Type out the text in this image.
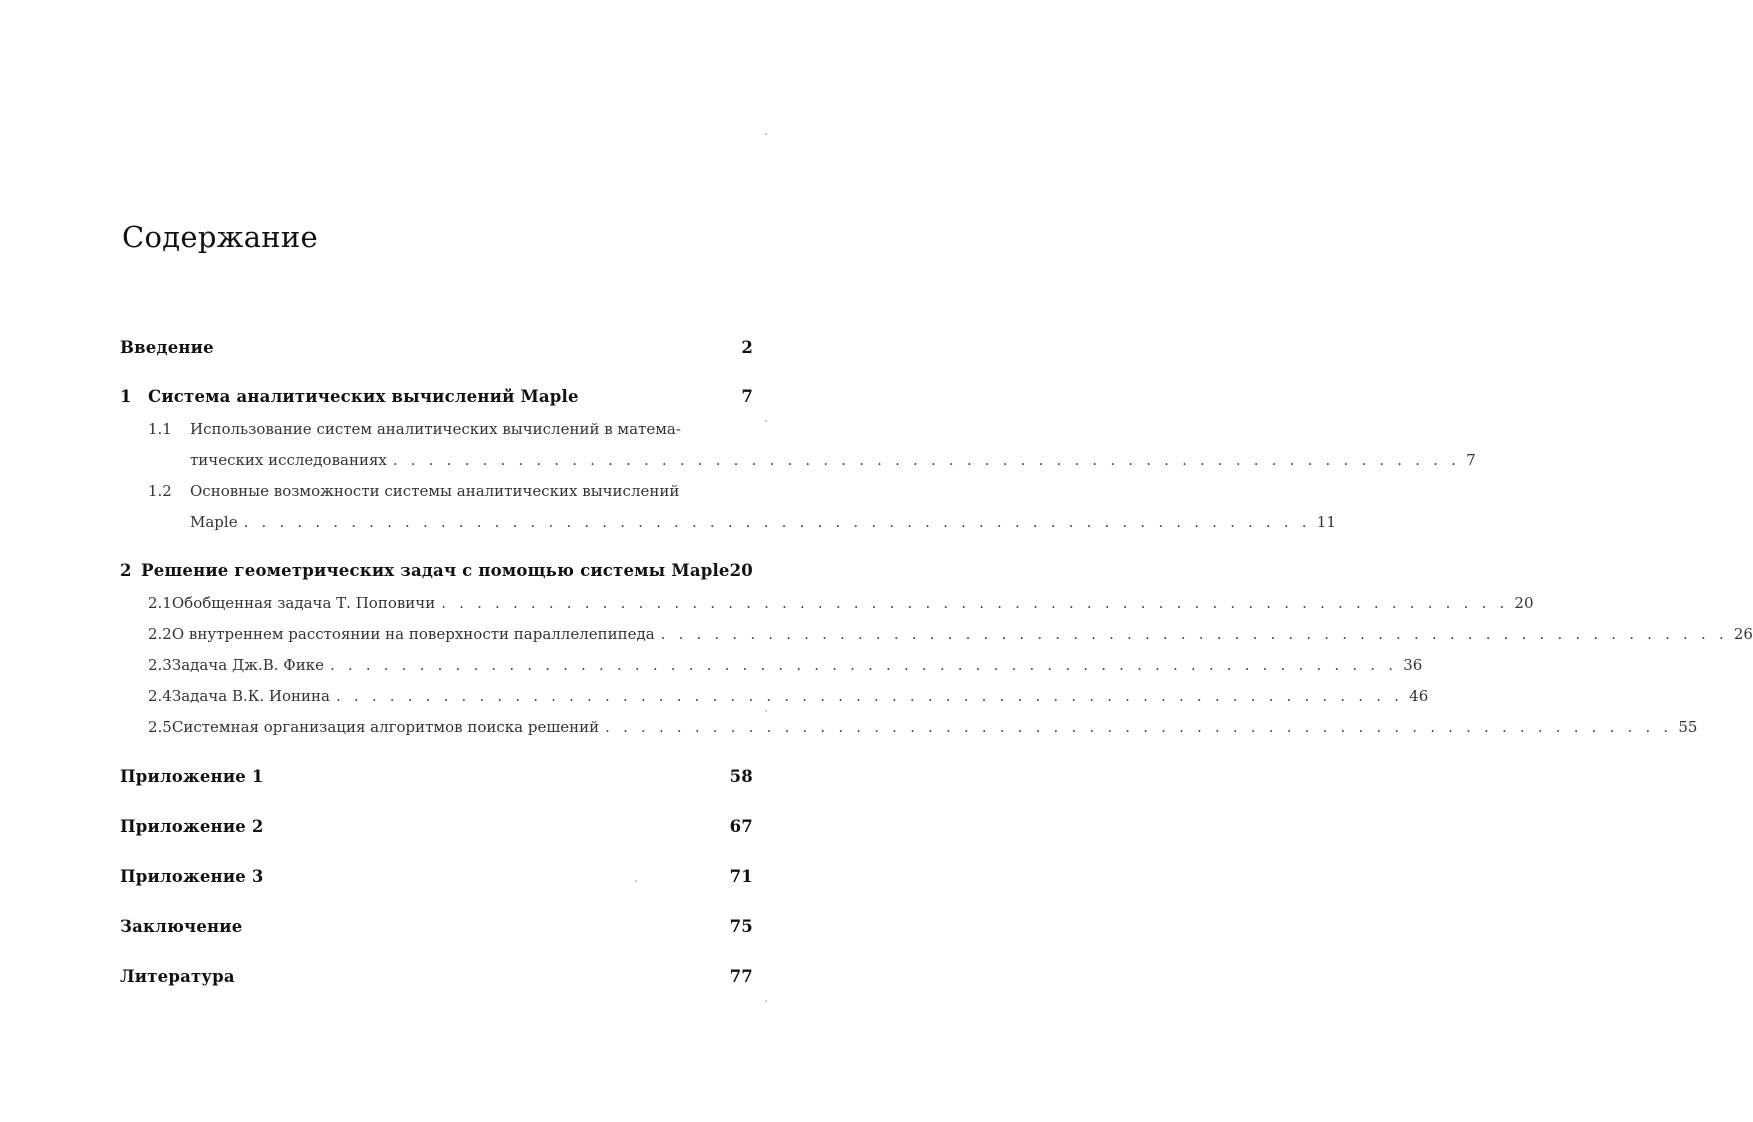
Содержание
Введение	2
1 Система аналитических вычислений Maple	7
1.1	Использование систем аналитических вычислений в матема-
тических исследованиях . . .	7
1.2	Основные возможности системы аналитических вычислений
Maple . . .	11
2 Решение геометрических задач с помощью системы Maple 20
2.1 Обобщенная задача Т. Поповичи . . .	20
2.2 О внутреннем расстоянии на поверхности параллелепипеда . . .	26
2.3 Задача Дж.В. Фике . . .	36
2.4 Задача В.К. Ионина . . .	46
2.5 Системная организация алгоритмов поиска решений . . .	55
Приложение 1	58
Приложение 2	67
Приложение 3	71
Заключение	75
Литература	77
